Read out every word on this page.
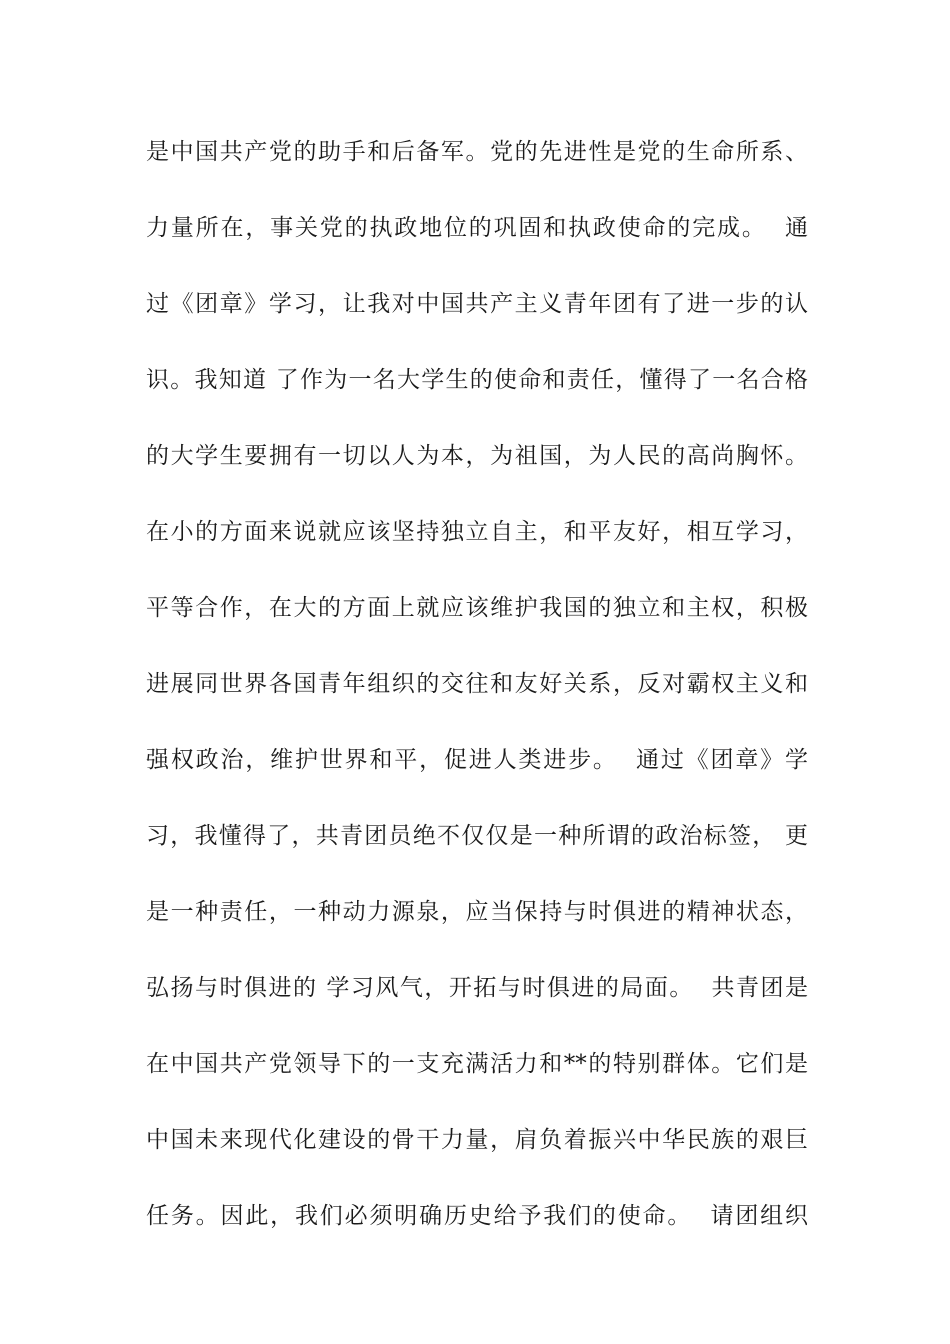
是中国共产党的助手和后备军。党的先进性是党的生命所系、
力量所在，事关党的执政地位的巩固和执政使命的完成。  通
过《团章》学习，让我对中国共产主义青年团有了进一步的认
识。我知道 了作为一名大学生的使命和责任，懂得了一名合格
的大学生要拥有一切以人为本，为祖国，为人民的高尚胸怀。
在小的方面来说就应该坚持独立自主，和平友好，相互学习，
平等合作，在大的方面上就应该维护我国的独立和主权，积极
进展同世界各国青年组织的交往和友好关系，反对霸权主义和
强权政治，维护世界和平，促进人类进步。  通过《团章》学
习，我懂得了，共青团员绝不仅仅是一种所谓的政治标签， 更
是一种责任，一种动力源泉，应当保持与时俱进的精神状态，
弘扬与时俱进的 学习风气，开拓与时俱进的局面。  共青团是
在中国共产党领导下的一支充满活力和**的特别群体。它们是
中国未来现代化建设的骨干力量，肩负着振兴中华民族的艰巨
任务。因此，我们必须明确历史给予我们的使命。  请团组织
